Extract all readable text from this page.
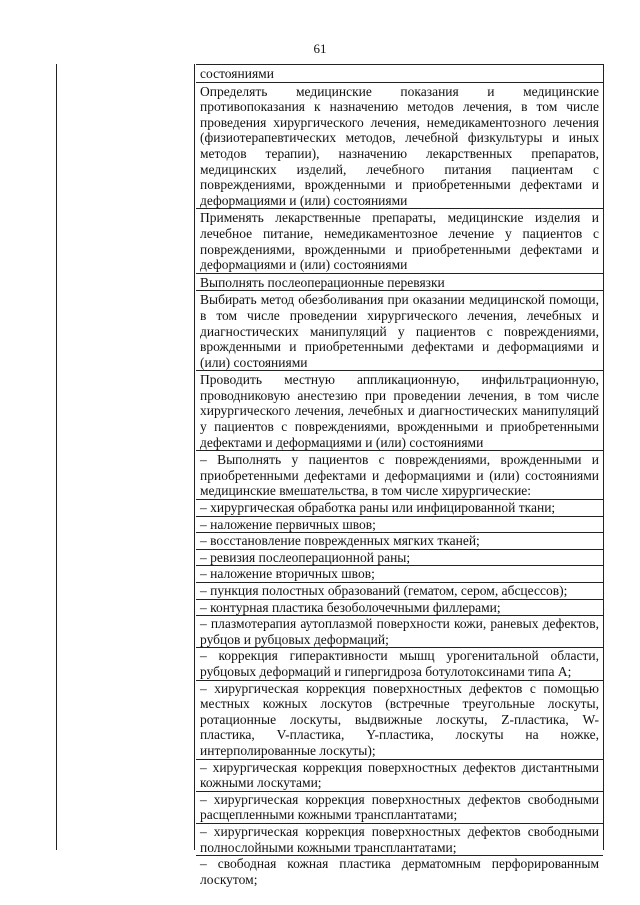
61
состояниями
Определять медицинские показания и медицинские противопоказания к назначению методов лечения, в том числе проведения хирургического лечения, немедикаментозного лечения (физиотерапевтических методов, лечебной физкультуры и иных методов терапии), назначению лекарственных препаратов, медицинских изделий, лечебного питания пациентам с повреждениями, врожденными и приобретенными дефектами и деформациями и (или) состояниями
Применять лекарственные препараты, медицинские изделия и лечебное питание, немедикаментозное лечение у пациентов с повреждениями, врожденными и приобретенными дефектами и деформациями и (или) состояниями
Выполнять послеоперационные перевязки
Выбирать метод обезболивания при оказании медицинской помощи, в том числе проведении хирургического лечения, лечебных и диагностических манипуляций у пациентов с повреждениями, врожденными и приобретенными дефектами и деформациями и (или) состояниями
Проводить местную аппликационную, инфильтрационную, проводниковую анестезию при проведении лечения, в том числе хирургического лечения, лечебных и диагностических манипуляций у пациентов с повреждениями, врожденными и приобретенными дефектами и деформациями и (или) состояниями
– Выполнять у пациентов с повреждениями, врожденными и приобретенными дефектами и деформациями и (или) состояниями медицинские вмешательства, в том числе хирургические:
– хирургическая обработка раны или инфицированной ткани;
– наложение первичных швов;
– восстановление поврежденных мягких тканей;
– ревизия послеоперационной раны;
– наложение вторичных швов;
– пункция полостных образований (гематом, сером, абсцессов);
– контурная пластика безоболочечными филлерами;
– плазмотерапия аутоплазмой поверхности кожи, раневых дефектов, рубцов и рубцовых деформаций;
– коррекция гиперактивности мышц урогенитальной области, рубцовых деформаций и гипергидроза ботулотоксинами типа А;
– хирургическая коррекция поверхностных дефектов с помощью местных кожных лоскутов (встречные треугольные лоскуты, ротационные лоскуты, выдвижные лоскуты, Z-пластика, W-пластика, V-пластика, Y-пластика, лоскуты на ножке, интерполированные лоскуты);
– хирургическая коррекция поверхностных дефектов дистантными кожными лоскутами;
– хирургическая коррекция поверхностных дефектов свободными расщепленными кожными трансплантатами;
– хирургическая коррекция поверхностных дефектов свободными полнослойными кожными трансплантатами;
– свободная кожная пластика дерматомным перфорированным лоскутом;
